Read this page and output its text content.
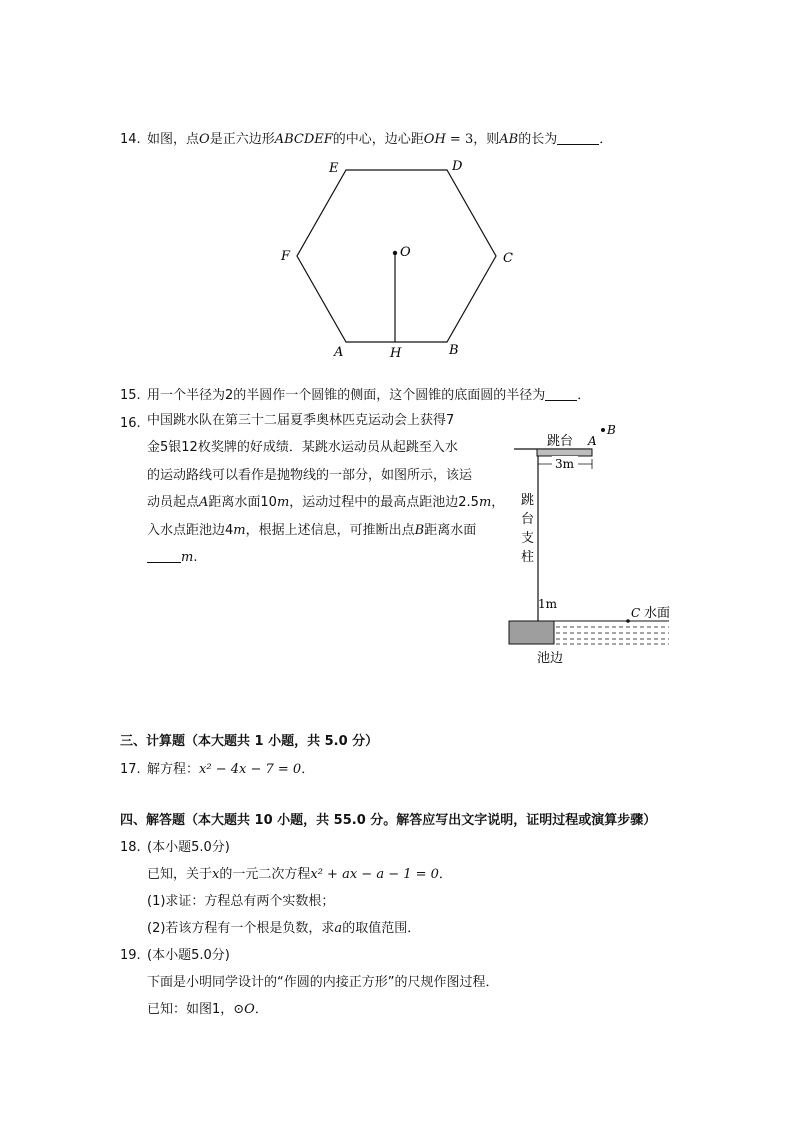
14. 如图，点O是正六边形ABCDEF的中心，边心距OH = 3，则AB的长为	．
E	D
F	C
O
A	H	B
15. 用一个半径为2的半圆作一个圆锥的侧面，这个圆锥的底面圆的半径为 ．
16. 中国跳水队在第三十二届夏季奥林匹克运动会上获得7
金5银12枚奖牌的好成绩．某跳水运动员从起跳至入水
的运动路线可以看作是抛物线的一部分，如图所示，该运
动员起点A距离水面10m，运动过程中的最高点距池边2.5m，
入水点距池边4m，根据上述信息，可推断出点B距离水面
m.
3m
跳台 A
B
跳
台
支
柱
1m
C 水面
池边
三、计算题（本大题共 1 小题，共 5.0 分）
17. 解方程：x² − 4x − 7 = 0．
四、解答题（本大题共 10 小题，共 55.0 分。解答应写出文字说明，证明过程或演算步骤）
18. (本小题5.0分)
已知，关于x的一元二次方程x² + ax − a − 1 = 0．
(1)求证：方程总有两个实数根；
(2)若该方程有一个根是负数，求a的取值范围．
19. (本小题5.0分)
下面是小明同学设计的“作圆的内接正方形”的尺规作图过程．
已知：如图1，⊙O．
